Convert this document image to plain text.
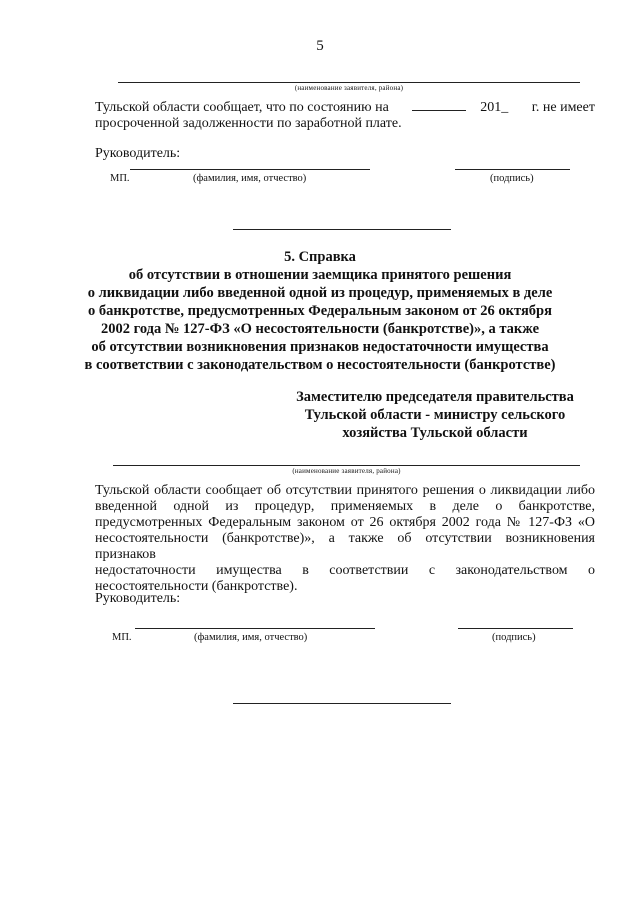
5
(наименование заявителя, района)
Тульской области сообщает, что по состоянию на	201_ г. не имеет
просроченной задолженности по заработной плате.
Руководитель:
МП.	(фамилия, имя, отчество)	(подпись)
5. Справка
об отсутствии в отношении заемщика принятого решения
о ликвидации либо введенной одной из процедур, применяемых в деле
о банкротстве, предусмотренных Федеральным законом от 26 октября
2002 года № 127-ФЗ «О несостоятельности (банкротстве)», а также
об отсутствии возникновения признаков недостаточности имущества
в соответствии с законодательством о несостоятельности (банкротстве)
Заместителю председателя правительства
Тульской области - министру сельского
хозяйства Тульской области
(наименование заявителя, района)
Тульской области сообщает об отсутствии принятого решения о ликвидации либо
введенной одной из процедур, применяемых в деле о банкротстве,
предусмотренных Федеральным законом от 26 октября 2002 года № 127-ФЗ «О
несостоятельности (банкротстве)», а также об отсутствии возникновения признаков
недостаточности имущества в соответствии с законодательством о
несостоятельности (банкротстве).
Руководитель:
МП.	(фамилия, имя, отчество)	(подпись)
